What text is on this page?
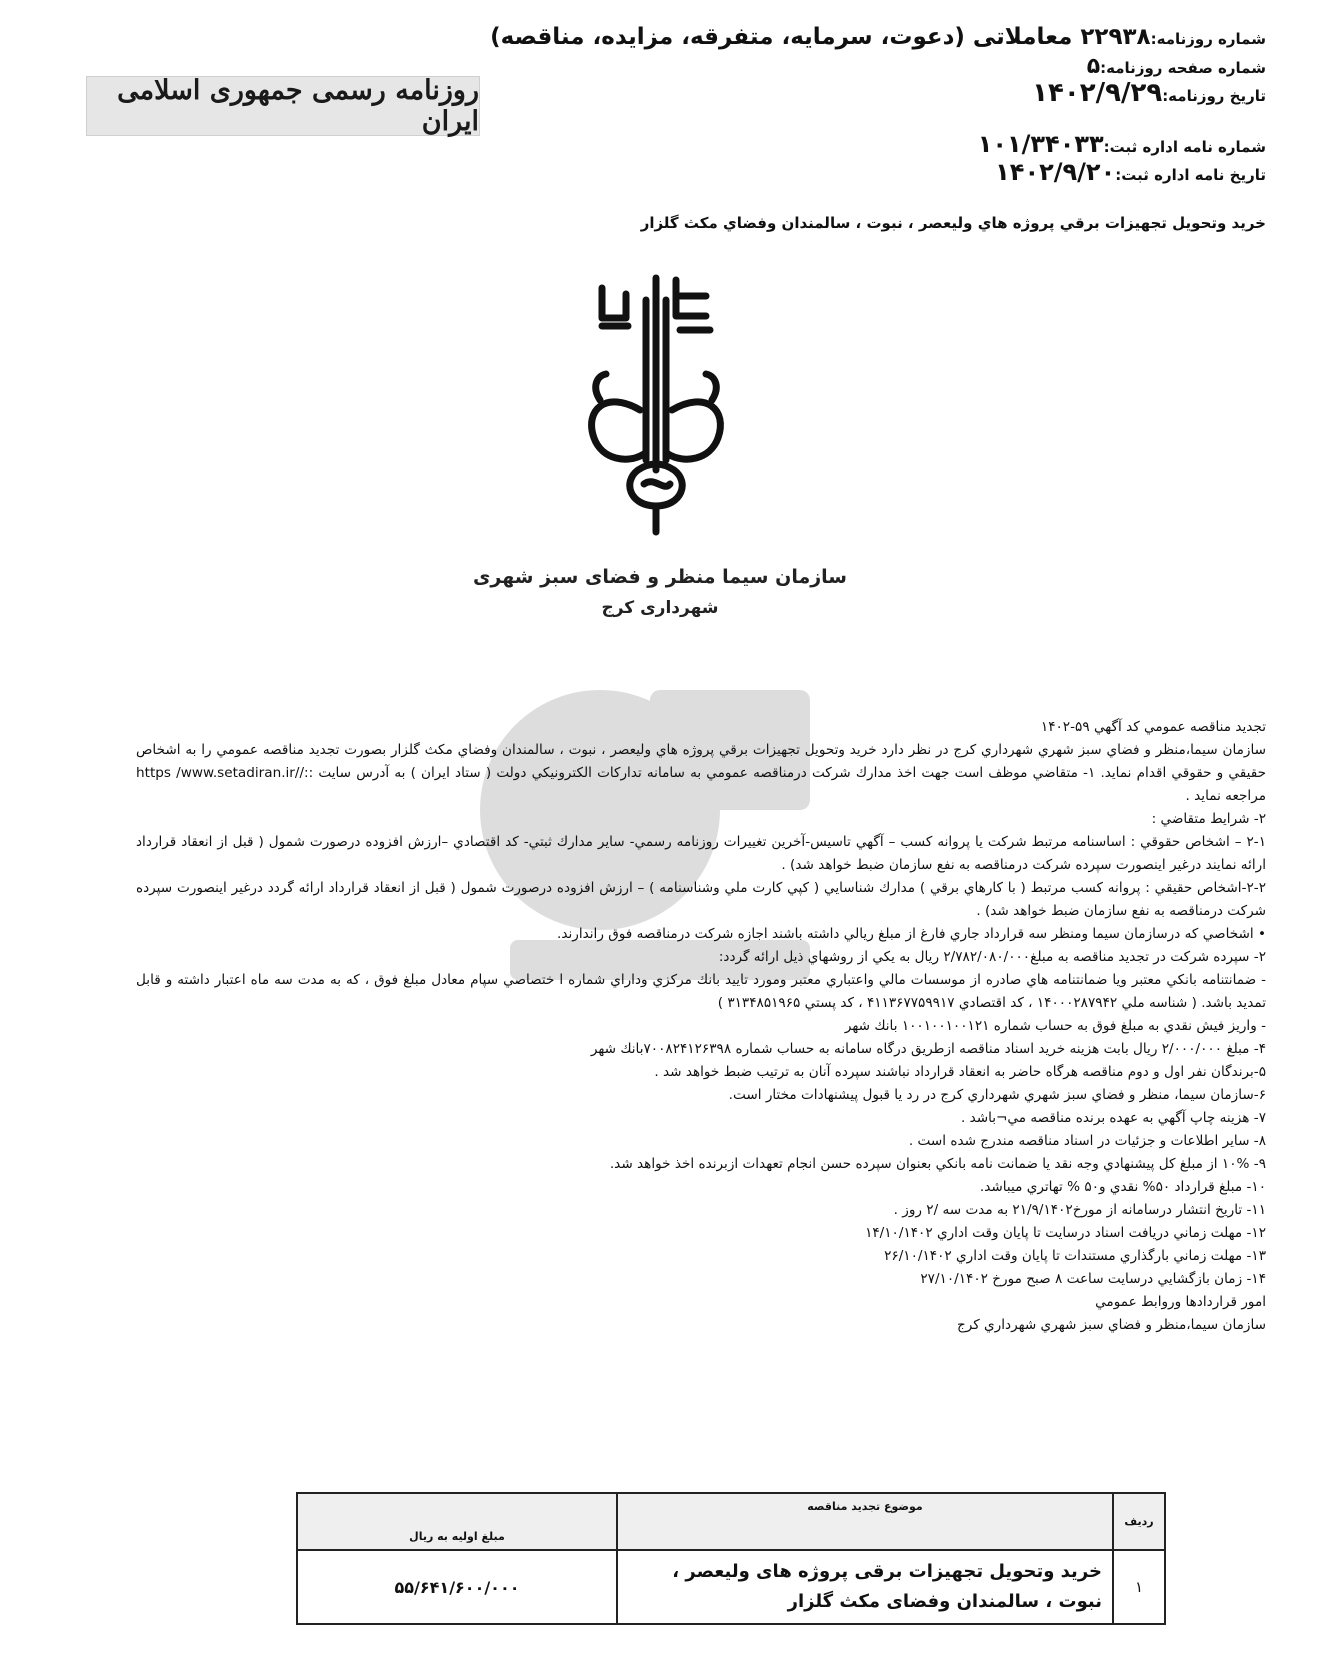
شماره روزنامه:۲۲۹۳۸ معاملاتی (دعوت، سرمایه، متفرقه، مزایده، مناقصه)
شماره صفحه روزنامه:۵
تاریخ روزنامه:۱۴۰۲/۹/۲۹
شماره نامه اداره ثبت:۱۰۱/۳۴۰۳۳
تاریخ نامه اداره ثبت:۱۴۰۲/۹/۲۰
روزنامه رسمی جمهوری اسلامی ایران
خريد وتحويل تجهيزات برقي پروژه هاي وليعصر ، نبوت ، سالمندان وفضاي مكث گلزار
سازمان سیما منظر و فضای سبز شهری
شهرداری کرج

تجديد مناقصه عمومي كد آگهي ۵۹-۱۴۰۲

سازمان سيما،منظر و فضاي سبز شهري شهرداري كرج در نظر دارد خريد وتحويل تجهيزات برقي پروژه هاي وليعصر ، نبوت ، سالمندان وفضاي مكث گلزار بصورت تجديد مناقصه عمومي را به اشخاص حقيقي و حقوقي اقدام نمايد. ۱- متقاضي موظف است جهت اخذ مدارك شركت درمناقصه عمومي به سامانه تداركات الكترونيكي دولت ( ستاد ايران ) به آدرس سايت :://https /www.setadiran.ir مراجعه نمايد .

۲- شرايط متقاضي :

۲-۱ – اشخاص حقوقي : اساسنامه مرتبط شركت يا پروانه كسب – آگهي تاسيس-آخرين تغييرات روزنامه رسمي- ساير مدارك ثبتي- كد اقتصادي –ارزش افزوده درصورت شمول ( قبل از انعقاد قرارداد ارائه نمايند درغير اينصورت سپرده شركت درمناقصه به نفع سازمان ضبط خواهد شد) .

۲-۲-اشخاص حقيقي : پروانه كسب مرتبط ( با كارهاي برقي ) مدارك شناسايي ( كپي كارت ملي وشناسنامه ) – ارزش افزوده درصورت شمول ( قبل از انعقاد قرارداد ارائه گردد درغير اينصورت سپرده شركت درمناقصه به نفع سازمان ضبط خواهد شد) .

• اشخاصي كه درسازمان سيما ومنظر سه قرارداد جاري فارغ از مبلغ ريالي داشته باشند اجازه شركت درمناقصه فوق راندارند.

۲- سپرده شركت در تجديد مناقصه به مبلغ۲/۷۸۲/۰۸۰/۰۰۰ ريال به يكي از روشهاي ذيل ارائه گردد:

- ضمانتنامه بانكي معتبر ويا ضمانتنامه هاي صادره از موسسات مالي واعتباري معتبر ومورد تاييد بانك مركزي وداراي شماره ا ختصاصي سپام معادل مبلغ فوق ، كه به مدت سه ماه اعتبار داشته و قابل تمديد باشد. ( شناسه ملي ۱۴۰۰۰۲۸۷۹۴۲ ، كد اقتصادي ۴۱۱۳۶۷۷۵۹۹۱۷ ، كد پستي ۳۱۳۴۸۵۱۹۶۵ )

- واريز فيش نقدي به مبلغ فوق به حساب شماره ۱۰۰۱۰۰۱۰۰۱۲۱ بانك شهر

۴- مبلغ ۲/۰۰۰/۰۰۰ ريال بابت هزينه خريد اسناد مناقصه ازطريق درگاه سامانه به حساب شماره ۷۰۰۸۲۴۱۲۶۳۹۸بانك شهر

۵-برندگان نفر اول و دوم مناقصه هرگاه حاضر به انعقاد قرارداد نباشند سپرده آنان به ترتيب ضبط خواهد شد .

۶-سازمان سيما، منظر و فضاي سبز شهري شهرداري كرج در رد يا قبول پيشنهادات مختار است.

۷- هزينه چاپ آگهي به عهده برنده مناقصه مي¬باشد .

۸- ساير اطلاعات و جزئيات در اسناد مناقصه مندرج شده است .

۹- ۱۰% از مبلغ كل پيشنهادي وجه نقد يا ضمانت نامه بانكي بعنوان سپرده حسن انجام تعهدات ازبرنده اخذ خواهد شد.

۱۰- مبلغ قرارداد ۵۰% نقدي و۵۰ % تهاتري ميباشد.

۱۱- تاريخ انتشار درسامانه از مورخ۲۱/۹/۱۴۰۲ به مدت سه /۲ روز .

۱۲- مهلت زماني دريافت اسناد درسايت تا پايان وقت اداري ۱۴/۱۰/۱۴۰۲

۱۳- مهلت زماني بارگذاري مستندات تا پايان وقت اداري ۲۶/۱۰/۱۴۰۲

۱۴- زمان بازگشايي درسايت ساعت ۸ صبح مورخ ۲۷/۱۰/۱۴۰۲

امور قراردادها وروابط عمومي

سازمان سيما،منظر و فضاي سبز شهري شهرداري كرج

رديف	موضوع تجديد مناقصه	مبلغ اوليه به ريال
۱	خرید وتحویل تجهیزات برقی پروژه های ولیعصر ، نبوت ، سالمندان وفضای مکث گلزار	۵۵/۶۴۱/۶۰۰/۰۰۰
